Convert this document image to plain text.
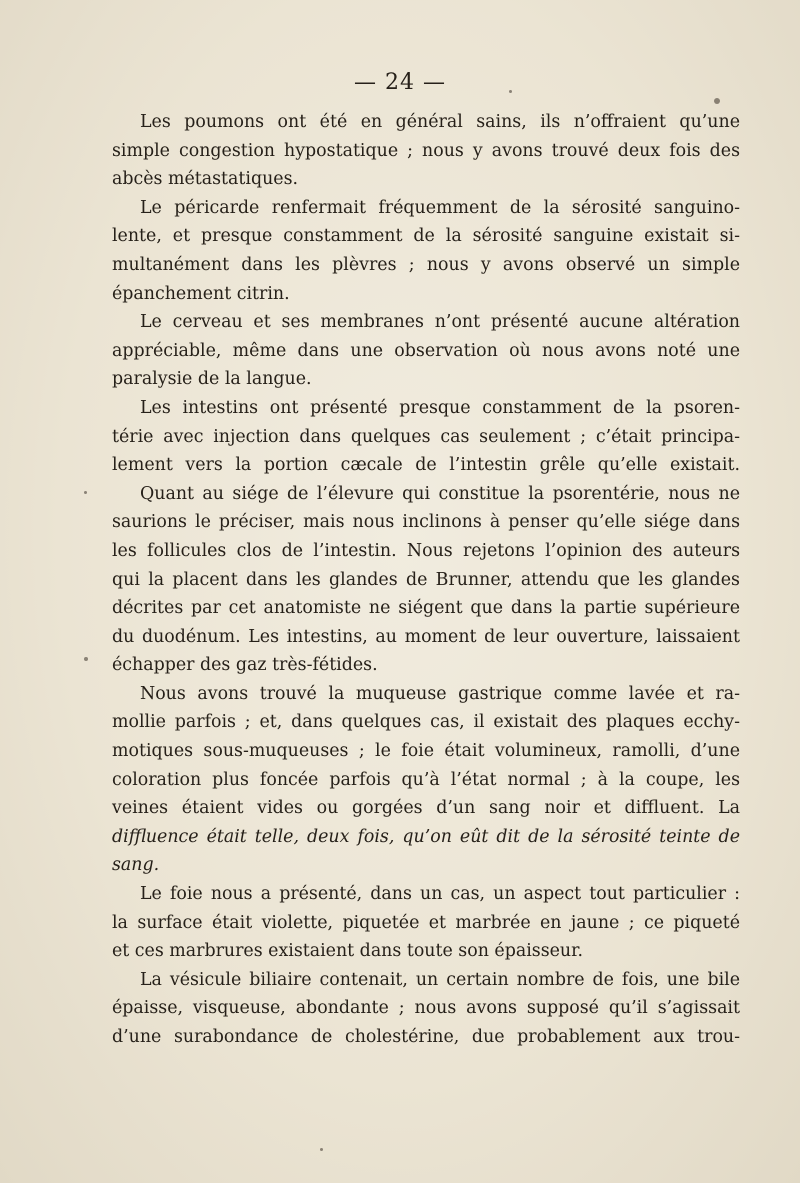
— 24 —
Les poumons ont été en général sains, ils n’offraient qu’une
simple congestion hypostatique ; nous y avons trouvé deux fois des
abcès métastatiques.
Le péricarde renfermait fréquemment de la sérosité sanguino-
lente, et presque constamment de la sérosité sanguine existait si-
multanément dans les plèvres ; nous y avons observé un simple
épanchement citrin.
Le cerveau et ses membranes n’ont présenté aucune altération
appréciable, même dans une observation où nous avons noté une
paralysie de la langue.
Les intestins ont présenté presque constamment de la psoren-
térie avec injection dans quelques cas seulement ; c’était principa-
lement vers la portion cæcale de l’intestin grêle qu’elle existait.
Quant au siége de l’élevure qui constitue la psorentérie, nous ne
saurions le préciser, mais nous inclinons à penser qu’elle siége dans
les follicules clos de l’intestin. Nous rejetons l’opinion des auteurs
qui la placent dans les glandes de Brunner, attendu que les glandes
décrites par cet anatomiste ne siégent que dans la partie supérieure
du duodénum. Les intestins, au moment de leur ouverture, laissaient
échapper des gaz très-fétides.
Nous avons trouvé la muqueuse gastrique comme lavée et ra-
mollie parfois ; et, dans quelques cas, il existait des plaques ecchy-
motiques sous-muqueuses ; le foie était volumineux, ramolli, d’une
coloration plus foncée parfois qu’à l’état normal ; à la coupe, les
veines étaient vides ou gorgées d’un sang noir et diffluent. La
diffluence était telle, deux fois, qu’on eût dit de la sérosité teinte de
sang.
Le foie nous a présenté, dans un cas, un aspect tout particulier :
la surface était violette, piquetée et marbrée en jaune ; ce piqueté
et ces marbrures existaient dans toute son épaisseur.
La vésicule biliaire contenait, un certain nombre de fois, une bile
épaisse, visqueuse, abondante ; nous avons supposé qu’il s’agissait
d’une surabondance de cholestérine, due probablement aux trou-
